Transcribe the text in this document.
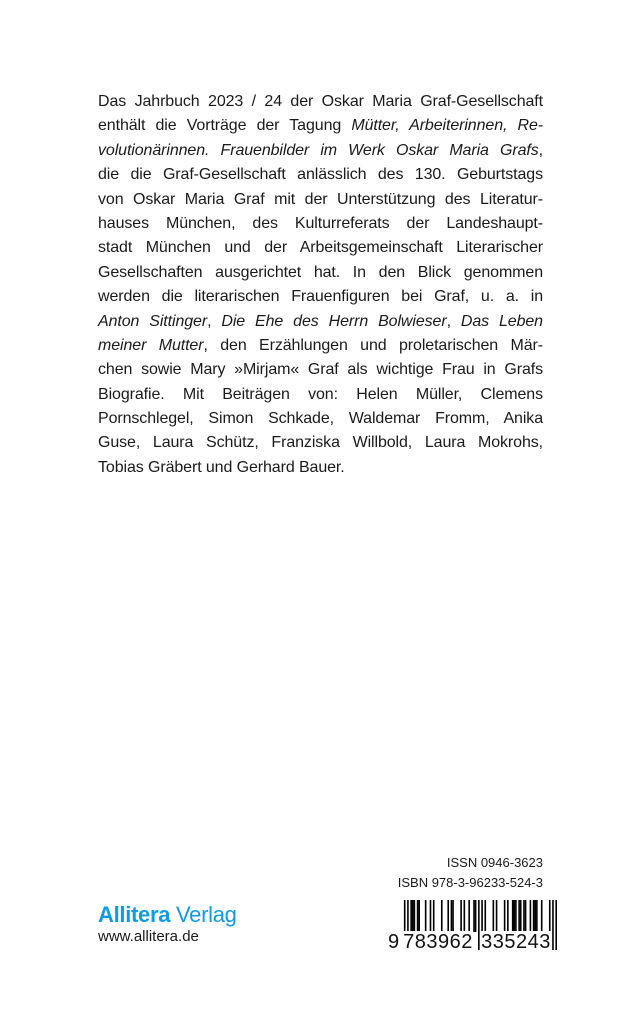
Das Jahrbuch 2023 / 24 der Oskar Maria Graf-Gesellschaft
enthält die Vorträge der Tagung Mütter, Arbeiterinnen, Re-
volutionärinnen. Frauenbilder im Werk Oskar Maria Grafs,
die die Graf-Gesellschaft anlässlich des 130. Geburtstags
von Oskar Maria Graf mit der Unterstützung des Literatur-
hauses München, des Kulturreferats der Landeshaupt-
stadt München und der Arbeitsgemeinschaft Literarischer
Gesellschaften ausgerichtet hat. In den Blick genommen
werden die literarischen Frauenfiguren bei Graf, u. a. in
Anton Sittinger, Die Ehe des Herrn Bolwieser, Das Leben
meiner Mutter, den Erzählungen und proletarischen Mär-
chen sowie Mary »Mirjam« Graf als wichtige Frau in Grafs
Biografie. Mit Beiträgen von: Helen Müller, Clemens
Pornschlegel, Simon Schkade, Waldemar Fromm, Anika
Guse, Laura Schütz, Franziska Willbold, Laura Mokrohs,
Tobias Gräbert und Gerhard Bauer.
ISSN 0946-3623
ISBN 978-3-96233-524-3
Allitera Verlag
www.allitera.de	9 783962 335243
